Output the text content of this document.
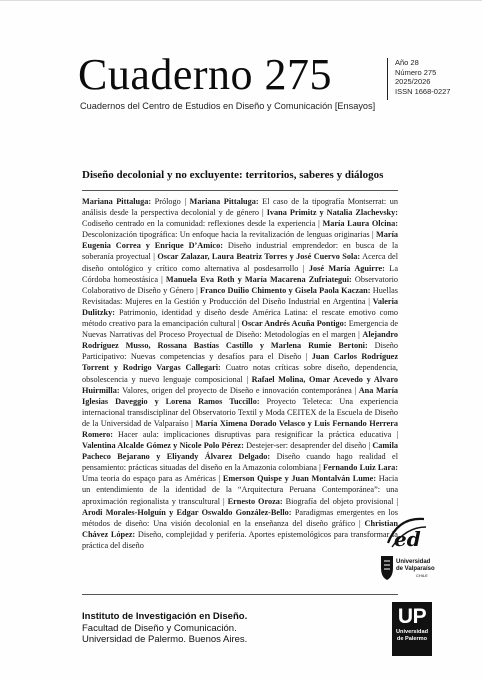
Cuaderno 275
Cuadernos del Centro de Estudios en Diseño y Comunicación [Ensayos]
Año 28
Número 275
2025/2026
ISSN 1668-0227
Diseño decolonial y no excluyente: territorios, saberes y diálogos
Mariana Pittaluga: Prólogo | Mariana Pittaluga: El caso de la tipografía Montserrat: un análisis desde la perspectiva decolonial y de género | Ivana Primitz y Natalia Zlachevsky: Codiseño centrado en la comunidad: reflexiones desde la experiencia | María Laura Olcina: Descolonización tipográfica: Un enfoque hacia la revitalización de lenguas originarias | María Eugenia Correa y Enrique D’Amico: Diseño industrial emprendedor: en busca de la soberanía proyectual | Oscar Zalazar, Laura Beatriz Torres y José Cuervo Sola: Acerca del diseño ontológico y crítico como alternativa al posdesarrollo | José María Aguirre: La Córdoba homeostásica | Manuela Eva Roth y María Macarena Zufriategui: Observatorio Colaborativo de Diseño y Género | Franco Duilio Chimento y Gisela Paola Kaczan: Huellas Revisitadas: Mujeres en la Gestión y Producción del Diseño Industrial en Argentina | Valeria Dulitzky: Patrimonio, identidad y diseño desde América Latina: el rescate emotivo como método creativo para la emancipación cultural | Oscar Andrés Acuña Pontigo: Emergencia de Nuevas Narrativas del Proceso Proyectual de Diseño: Metodologías en el margen | Alejandro Rodríguez Musso, Rossana Bastías Castillo y Marlena Rumie Bertoni: Diseño Participativo: Nuevas competencias y desafíos para el Diseño | Juan Carlos Rodríguez Torrent y Rodrigo Vargas Callegari: Cuatro notas críticas sobre diseño, dependencia, obsolescencia y nuevo lenguaje composicional | Rafael Molina, Omar Acevedo y Alvaro Huirmilla: Valores, origen del proyecto de Diseño e innovación contemporánea | Ana María Iglesias Daveggio y Lorena Ramos Tuccillo: Proyecto Teleteca: Una experiencia internacional transdisciplinar del Observatorio Textil y Moda CEITEX de la Escuela de Diseño de la Universidad de Valparaíso | María Ximena Dorado Velasco y Luis Fernando Herrera Romero: Hacer aula: implicaciones disruptivas para resignificar la práctica educativa | Valentina Alcalde Gómez y Nicole Polo Pérez: Destejer-ser: desaprender del diseño | Camila Pacheco Bejarano y Eliyandy Álvarez Delgado: Diseño cuando hago realidad el pensamiento: prácticas situadas del diseño en la Amazonia colombiana | Fernando Luiz Lara: Uma teoria do espaço para as Américas | Emerson Quispe y Juan Montalván Lume: Hacia un entendimiento de la identidad de la “Arquitectura Peruana Contemporánea”: una aproximación regionalista y transcultural | Ernesto Oroza: Biografía del objeto provisional | Arodi Morales-Holguín y Edgar Oswaldo González-Bello: Paradigmas emergentes en los métodos de diseño: Una visión decolonial en la enseñanza del diseño gráfico | Christian Chávez López: Diseño, complejidad y periferia. Aportes epistemológicos para transformar la práctica del diseño
Instituto de Investigación en Diseño.
Facultad de Diseño y Comunicación.
Universidad de Palermo. Buenos Aires.
ed
Universidad
de Valparaíso
CHILE
UP
Universidad
de Palermo
